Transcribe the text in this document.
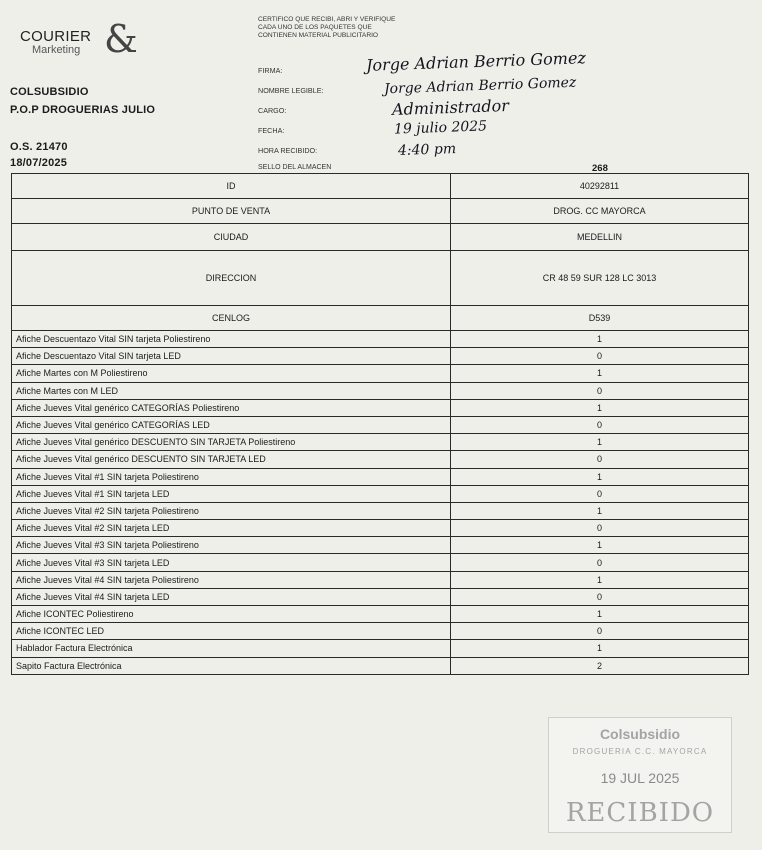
COURIER
Marketing &
COLSUBSIDIO
P.O.P DROGUERIAS JULIO
O.S. 21470
18/07/2025
CERTIFICO QUE RECIBI, ABRI Y VERIFIQUE CADA UNO DE LOS PAQUETES QUE CONTIENEN MATERIAL PUBLICITARIO
FIRMA:
NOMBRE LEGIBLE:
CARGO:
FECHA:
HORA RECIBIDO:
Jorge Adrian Berrio Gomez
Jorge Adrian Berrio Gomez
Administrador
19 julio 2025
4:40 pm
SELLO DEL ALMACEN	268
ID	40292811
PUNTO DE VENTA	DROG. CC MAYORCA
CIUDAD	MEDELLIN
DIRECCION	CR 48 59 SUR 128 LC 3013
CENLOG	D539
Afiche Descuentazo Vital SIN tarjeta Poliestireno	1
Afiche Descuentazo Vital SIN tarjeta LED	0
Afiche Martes con M Poliestireno	1
Afiche Martes con M LED	0
Afiche Jueves Vital genérico CATEGORÍAS Poliestireno	1
Afiche Jueves Vital genérico CATEGORÍAS LED	0
Afiche Jueves Vital genérico DESCUENTO SIN TARJETA Poliestireno	1
Afiche Jueves Vital genérico DESCUENTO SIN TARJETA LED	0
Afiche Jueves Vital #1 SIN tarjeta Poliestireno	1
Afiche Jueves Vital #1 SIN tarjeta LED	0
Afiche Jueves Vital #2 SIN tarjeta Poliestireno	1
Afiche Jueves Vital #2 SIN tarjeta LED	0
Afiche Jueves Vital #3 SIN tarjeta Poliestireno	1
Afiche Jueves Vital #3 SIN tarjeta LED	0
Afiche Jueves Vital #4 SIN tarjeta Poliestireno	1
Afiche Jueves Vital #4 SIN tarjeta LED	0
Afiche ICONTEC Poliestireno	1
Afiche ICONTEC LED	0
Hablador Factura Electrónica	1
Sapito Factura Electrónica	2
Colsubsidio
DROGUERIA C.C. MAYORCA
19 JUL 2025
RECIBIDO
